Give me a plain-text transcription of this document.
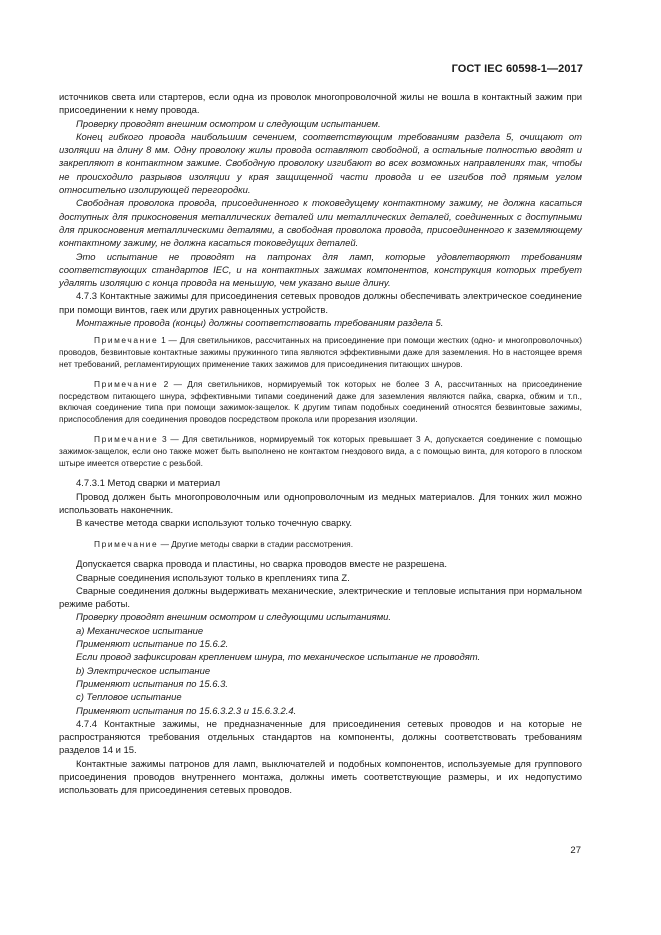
ГОСТ IEC 60598-1—2017

источников света или стартеров, если одна из проволок многопроволочной жилы не вошла в контактный зажим при присоединении к нему провода.

Проверку проводят внешним осмотром и следующим испытанием.

Конец гибкого провода наибольшим сечением, соответствующим требованиям раздела 5, очищают от изоляции на длину 8 мм. Одну проволоку жилы провода оставляют свободной, а остальные полностью вводят и закрепляют в контактном зажиме. Свободную проволоку изгибают во всех возможных направлениях так, чтобы не происходило разрывов изоляции у края защищенной части провода и ее изгибов под прямым углом относительно изолирующей перегородки.

Свободная проволока провода, присоединенного к токоведущему контактному зажиму, не должна касаться доступных для прикосновения металлических деталей или металлических деталей, соединенных с доступными для прикосновения металлическими деталями, а свободная проволока провода, присоединенного к заземляющему контактному зажиму, не должна касаться токоведущих деталей.

Это испытание не проводят на патронах для ламп, которые удовлетворяют требованиям соответствующих стандартов IEC, и на контактных зажимах компонентов, конструкция которых требует удалять изоляцию с конца провода на меньшую, чем указано выше длину.

4.7.3 Контактные зажимы для присоединения сетевых проводов должны обеспечивать электрическое соединение при помощи винтов, гаек или других равноценных устройств.

Монтажные провода (концы) должны соответствовать требованиям раздела 5.

Примечание 1 — Для светильников, рассчитанных на присоединение при помощи жестких (одно- и многопроволочных) проводов, безвинтовые контактные зажимы пружинного типа являются эффективными даже для заземления. Но в настоящее время нет требований, регламентирующих применение таких зажимов для присоединения питающих шнуров.

Примечание 2 — Для светильников, нормируемый ток которых не более 3 А, рассчитанных на присоединение посредством питающего шнура, эффективными типами соединений даже для заземления являются пайка, сварка, обжим и т.п., включая соединение типа при помощи зажимок-защелок. К другим типам подобных соединений относятся безвинтовые зажимы, приспособления для соединения проводов посредством прокола или прорезания изоляции.

Примечание 3 — Для светильников, нормируемый ток которых превышает 3 А, допускается соединение с помощью зажимок-защелок, если оно также может быть выполнено не контактом гнездового вида, а с помощью винта, для которого в плоском штыре имеется отверстие с резьбой.

4.7.3.1 Метод сварки и материал

Провод должен быть многопроволочным или однопроволочным из медных материалов. Для тонких жил можно использовать наконечник.

В качестве метода сварки используют только точечную сварку.

Примечание — Другие методы сварки в стадии рассмотрения.

Допускается сварка провода и пластины, но сварка проводов вместе не разрешена.

Сварные соединения используют только в креплениях типа Z.

Сварные соединения должны выдерживать механические, электрические и тепловые испытания при нормальном режиме работы.

Проверку проводят внешним осмотром и следующими испытаниями.

a) Механическое испытание

Применяют испытание по 15.6.2.

Если провод зафиксирован креплением шнура, то механическое испытание не проводят.

b) Электрическое испытание

Применяют испытания по 15.6.3.

c) Тепловое испытание

Применяют испытания по 15.6.3.2.3 и 15.6.3.2.4.

4.7.4 Контактные зажимы, не предназначенные для присоединения сетевых проводов и на которые не распространяются требования отдельных стандартов на компоненты, должны соответствовать требованиям разделов 14 и 15.

Контактные зажимы патронов для ламп, выключателей и подобных компонентов, используемые для группового присоединения проводов внутреннего монтажа, должны иметь соответствующие размеры, и их недопустимо использовать для присоединения сетевых проводов.

27
